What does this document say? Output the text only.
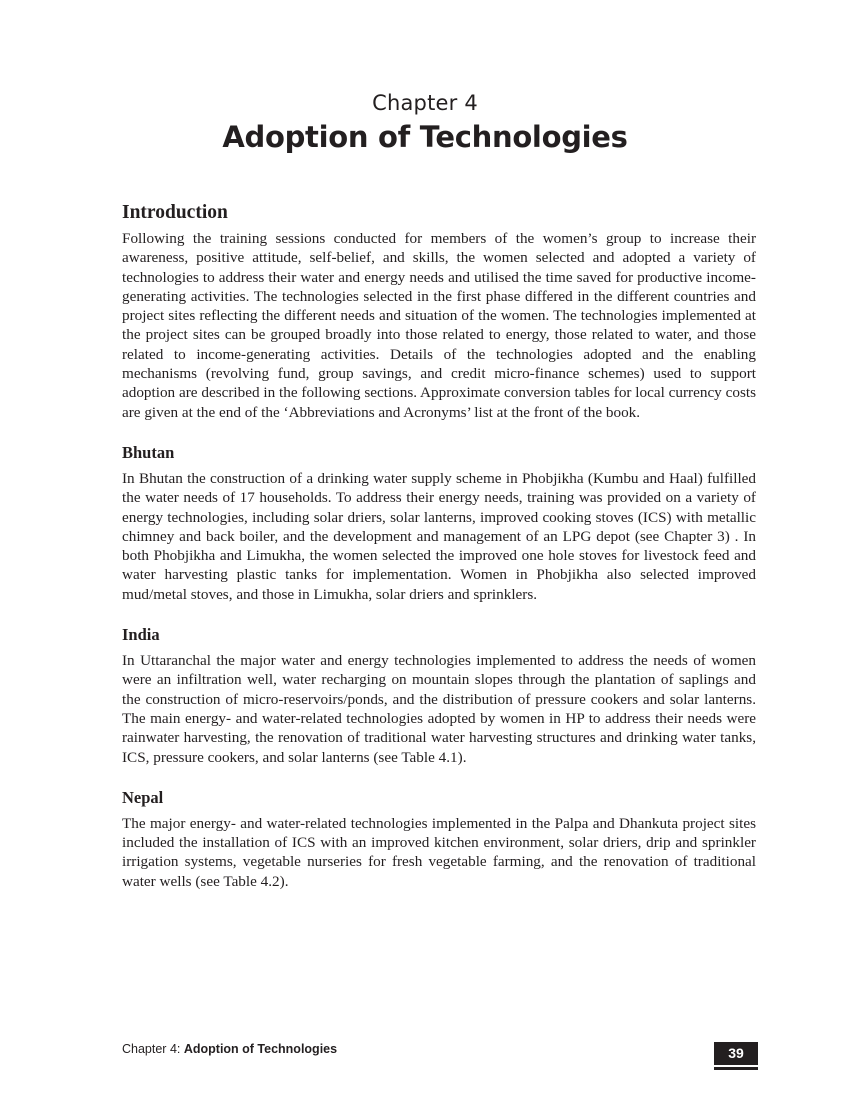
Chapter 4
Adoption of Technologies
Introduction

Following the training sessions conducted for members of the women’s group to increase their awareness, positive attitude, self-belief, and skills, the women selected and adopted a variety of technologies to address their water and energy needs and utilised the time saved for productive income-generating activities. The technologies selected in the first phase differed in the different countries and project sites reflecting the different needs and situation of the women. The technologies implemented at the project sites can be grouped broadly into those related to energy, those related to water, and those related to income-generating activities. Details of the technologies adopted and the enabling mechanisms (revolving fund, group savings, and credit micro-finance schemes) used to support adoption are described in the following sections. Approximate conversion tables for local currency costs are given at the end of the ‘Abbreviations and Acronyms’ list at the front of the book.

Bhutan

In Bhutan the construction of a drinking water supply scheme in Phobjikha (Kumbu and Haal) fulfilled the water needs of 17 households. To address their energy needs, training was provided on a variety of energy technologies, including solar driers, solar lanterns, improved cooking stoves (ICS) with metallic chimney and back boiler, and the development and management of an LPG depot (see Chapter 3) . In both Phobjikha and Limukha, the women selected the improved one hole stoves for livestock feed and water harvesting plastic tanks for implementation. Women in Phobjikha also selected improved mud/metal stoves, and those in Limukha, solar driers and sprinklers.

India

In Uttaranchal the major water and energy technologies implemented to address the needs of women were an infiltration well, water recharging on mountain slopes through the plantation of saplings and the construction of micro-reservoirs/ponds, and the distribution of pressure cookers and solar lanterns. The main energy- and water-related technologies adopted by women in HP to address their needs were rainwater harvesting, the renovation of traditional water harvesting structures and drinking water tanks, ICS, pressure cookers, and solar lanterns (see Table 4.1).

Nepal

The major energy- and water-related technologies implemented in the Palpa and Dhankuta project sites included the installation of ICS with an improved kitchen environment, solar driers, drip and sprinkler irrigation systems, vegetable nurseries for fresh vegetable farming, and the renovation of traditional water wells (see Table 4.2).

Chapter 4: Adoption of Technologies	39
